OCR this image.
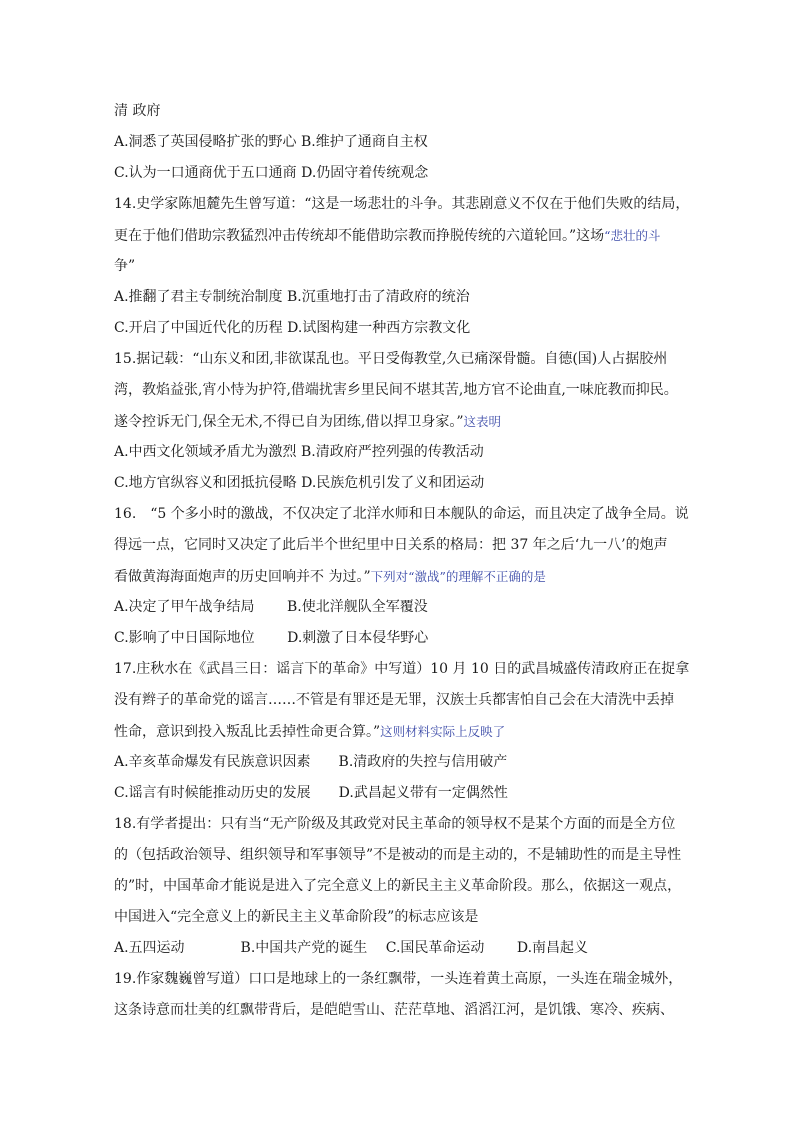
清 政府
A.洞悉了英国侵略扩张的野心 B.维护了通商自主权
C.认为一口通商优于五口通商 D.仍固守着传统观念
14.史学家陈旭麓先生曾写道：“这是一场悲壮的斗争。其悲剧意义不仅在于他们失败的结局，
更在于他们借助宗教猛烈冲击传统却不能借助宗教而挣脱传统的六道轮回。”这场“悲壮的斗
争”
A.推翻了君主专制统治制度 B.沉重地打击了清政府的统治
C.开启了中国近代化的历程 D.试图构建一种西方宗教文化
15.据记载：“山东义和团,非欲谋乱也。平日受侮教堂,久已痛深骨髓。自德(国)人占据胶州
湾，教焰益张,宵小恃为护符,借端扰害乡里民间不堪其苦,地方官不论曲直,一味庇教而抑民。
遂令控诉无门,保全无术,不得已自为团练,借以捍卫身家。”这表明
A.中西文化领域矛盾尤为激烈 B.清政府严控列强的传教活动
C.地方官纵容义和团抵抗侵略 D.民族危机引发了义和团运动
16.　“5 个多小时的激战，不仅决定了北洋水师和日本舰队的命运，而且决定了战争全局。说
得远一点，它同时又决定了此后半个世纪里中日关系的格局：把 37 年之后‘九一八’的炮声
看做黄海海面炮声的历史回响并不 为过。”下列对“激战”的理解不正确的是
A.决定了甲午战争结局　　 B.使北洋舰队全军覆没
C.影响了中日国际地位　　 D.刺激了日本侵华野心
17.庄秋水在《武昌三日：谣言下的革命》中写道）10 月 10 日的武昌城盛传清政府正在捉拿
没有辫子的革命党的谣言……不管是有罪还是无罪，汉族士兵都害怕自己会在大清洗中丢掉
性命，意识到投入叛乱比丢掉性命更合算。”这则材料实际上反映了
A.辛亥革命爆发有民族意识因素　　B.清政府的失控与信用破产
C.谣言有时候能推动历史的发展　　D.武昌起义带有一定偶然性
18.有学者提出：只有当“无产阶级及其政党对民主革命的领导权不是某个方面的而是全方位
的（包括政治领导、组织领导和军事领导”不是被动的而是主动的，不是辅助性的而是主导性
的”时，中国革命才能说是进入了完全意义上的新民主主义革命阶段。那么，依据这一观点，
中国进入“完全意义上的新民主主义革命阶段”的标志应该是
A.五四运动　　　　B.中国共产党的诞生　 C.国民革命运动　　 D.南昌起义
19.作家魏巍曾写道）口口是地球上的一条红飘带，一头连着黄土高原，一头连在瑞金城外，
这条诗意而壮美的红飘带背后，是皑皑雪山、茫茫草地、滔滔江河，是饥饿、寒冷、疾病、
